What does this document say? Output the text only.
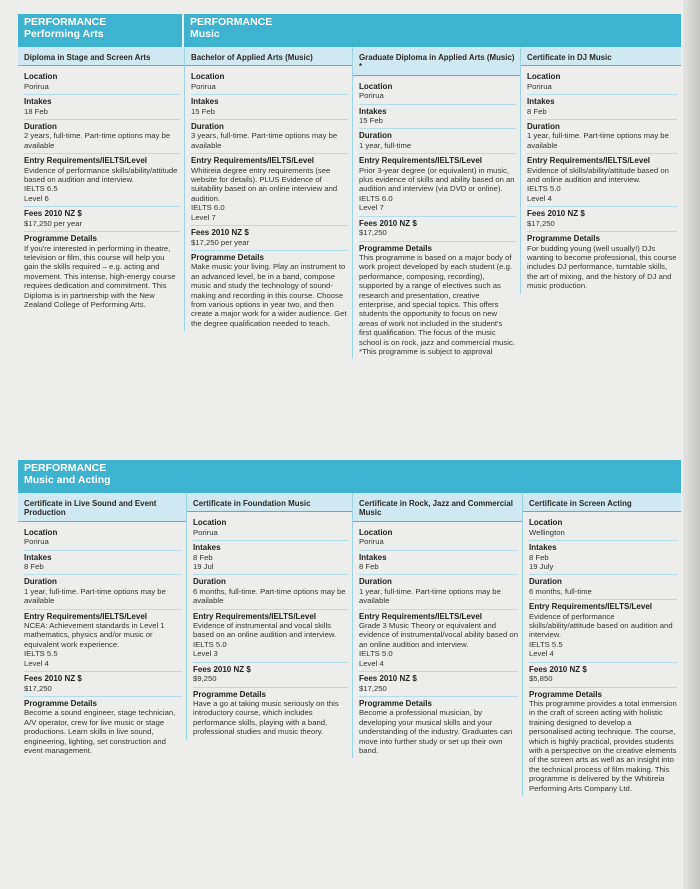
PERFORMANCE
Performing Arts
PERFORMANCE
Music
Diploma in Stage and Screen Arts
Location
Porirua
Intakes
18 Feb
Duration
2 years, full-time. Part-time options may be available
Entry Requirements/IELTS/Level
Evidence of performance skills/ability/attitude based on audition and interview.
IELTS 6.5
Level 6
Fees 2010 NZ $
$17,250 per year
Programme Details
If you're interested in performing in theatre, television or film, this course will help you gain the skills required – e.g. acting and movement. This intense, high-energy course requires dedication and commitment. This Diploma is in partnership with the New Zealand College of Performing Arts.
Bachelor of Applied Arts (Music)
Location
Porirua
Intakes
15 Feb
Duration
3 years, full-time. Part-time options may be available
Entry Requirements/IELTS/Level
Whitireia degree entry requirements (see website for details). PLUS Evidence of suitability based on an online interview and audition.
IELTS 6.0
Level 7
Fees 2010 NZ $
$17,250 per year
Programme Details
Make music your living. Play an instrument to an advanced level, be in a band, compose music and study the technology of sound-making and recording in this course. Choose from various options in year two, and then create a major work for a wider audience. Get the degree qualification needed to teach.
Graduate Diploma in Applied Arts (Music) *
Location
Porirua
Intakes
15 Feb
Duration
1 year, full-time
Entry Requirements/IELTS/Level
Prior 3-year degree (or equivalent) in music, plus evidence of skills and ability based on an audition and interview (via DVD or online).
IELTS 6.0
Level 7
Fees 2010 NZ $
$17,250
Programme Details
This programme is based on a major body of work project developed by each student (e.g. performance, composing, recording), supported by a range of electives such as research and presentation, creative enterprise, and special topics. This offers students the opportunity to focus on new areas of work not included in the student's first qualification. The focus of the music school is on rock, jazz and commercial music.
*This programme is subject to approval
Certificate in DJ Music
Location
Porirua
Intakes
8 Feb
Duration
1 year, full-time. Part-time options may be available
Entry Requirements/IELTS/Level
Evidence of skills/ability/attitude based on and online audition and interview.
IELTS 5.0
Level 4
Fees 2010 NZ $
$17,250
Programme Details
For budding young (well usually!) DJs wanting to become professional, this course includes DJ performance, turntable skills, the art of mixing, and the history of DJ and music production.
PERFORMANCE
Music and Acting
Certificate in Live Sound and Event Production
Location
Porirua
Intakes
8 Feb
Duration
1 year, full-time. Part-time options may be available
Entry Requirements/IELTS/Level
NCEA: Achievement standards in Level 1 mathematics, physics and/or music or equivalent work experience.
IELTS 5.5
Level 4
Fees 2010 NZ $
$17,250
Programme Details
Become a sound engineer, stage technician, A/V operator, crew for live music or stage productions. Learn skills in live sound, engineering, lighting, set construction and event management.
Certificate in Foundation Music
Location
Porirua
Intakes
8 Feb
19 Jul
Duration
6 months, full-time. Part-time options may be available
Entry Requirements/IELTS/Level
Evidence of instrumental and vocal skills based on an online audition and interview.
IELTS 5.0
Level 3
Fees 2010 NZ $
$9,250
Programme Details
Have a go at taking music seriously on this introductory course, which includes performance skills, playing with a band, professional studies and music theory.
Certificate in Rock, Jazz and Commercial Music
Location
Porirua
Intakes
8 Feb
Duration
1 year, full-time. Part-time options may be available
Entry Requirements/IELTS/Level
Grade 3 Music Theory or equivalent and evidence of instrumental/vocal ability based on an online audition and interview.
IELTS 5.0
Level 4
Fees 2010 NZ $
$17,250
Programme Details
Become a professional musician, by developing your musical skills and your understanding of the industry. Graduates can move into further study or set up their own band.
Certificate in Screen Acting
Location
Wellington
Intakes
8 Feb
19 July
Duration
6 months, full-time
Entry Requirements/IELTS/Level
Evidence of performance skills/ability/attitude based on audition and interview.
IELTS 5.5
Level 4
Fees 2010 NZ $
$5,850
Programme Details
This programme provides a total immersion in the craft of screen acting with holistic training designed to develop a personalised acting technique. The course, which is highly practical, provides students with a perspective on the creative elements of the screen arts as well as an insight into the technical process of film making. This programme is delivered by the Whitireia Performing Arts Company Ltd.
